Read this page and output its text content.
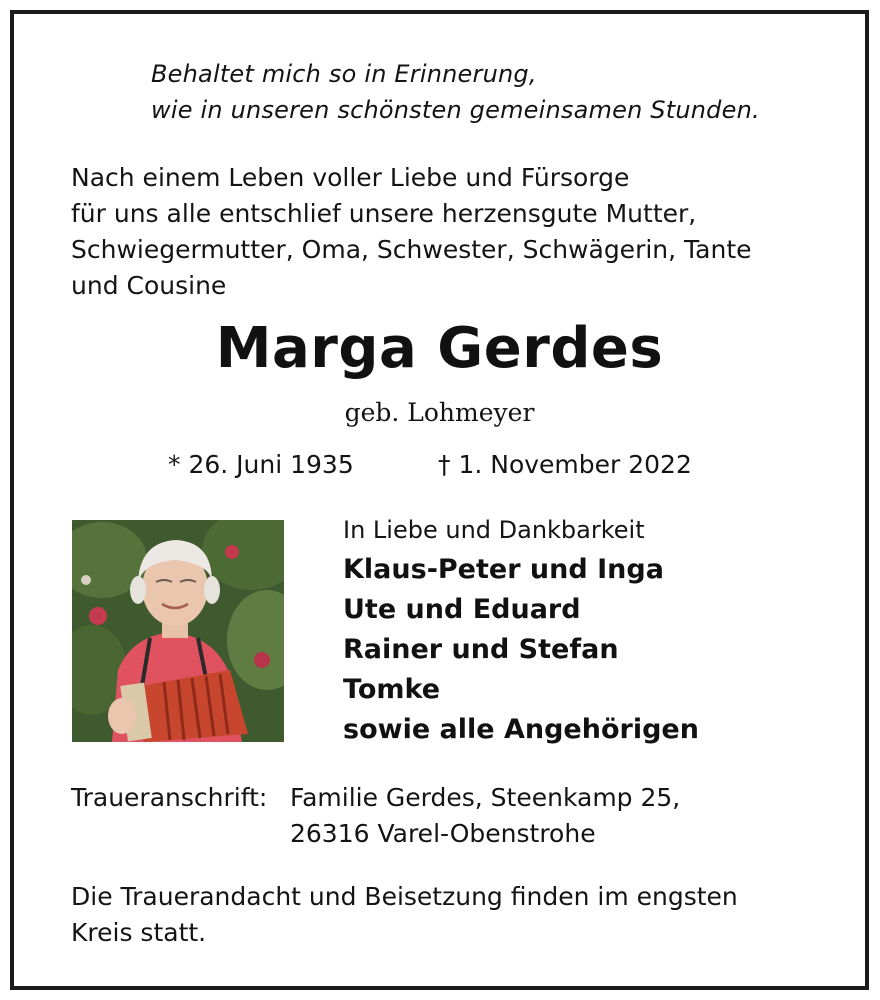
Behaltet mich so in Erinnerung,
wie in unseren schönsten gemeinsamen Stunden.
Nach einem Leben voller Liebe und Fürsorge
für uns alle entschlief unsere herzensgute Mutter,
Schwiegermutter, Oma, Schwester, Schwägerin, Tante
und Cousine
Marga Gerdes
geb. Lohmeyer
* 26. Juni 1935	† 1. November 2022
In Liebe und Dankbarkeit
Klaus-Peter und Inga
Ute und Eduard
Rainer und Stefan
Tomke
sowie alle Angehörigen
Traueranschrift: Familie Gerdes, Steenkamp 25,
26316 Varel-Obenstrohe
Die Trauerandacht und Beisetzung finden im engsten
Kreis statt.
